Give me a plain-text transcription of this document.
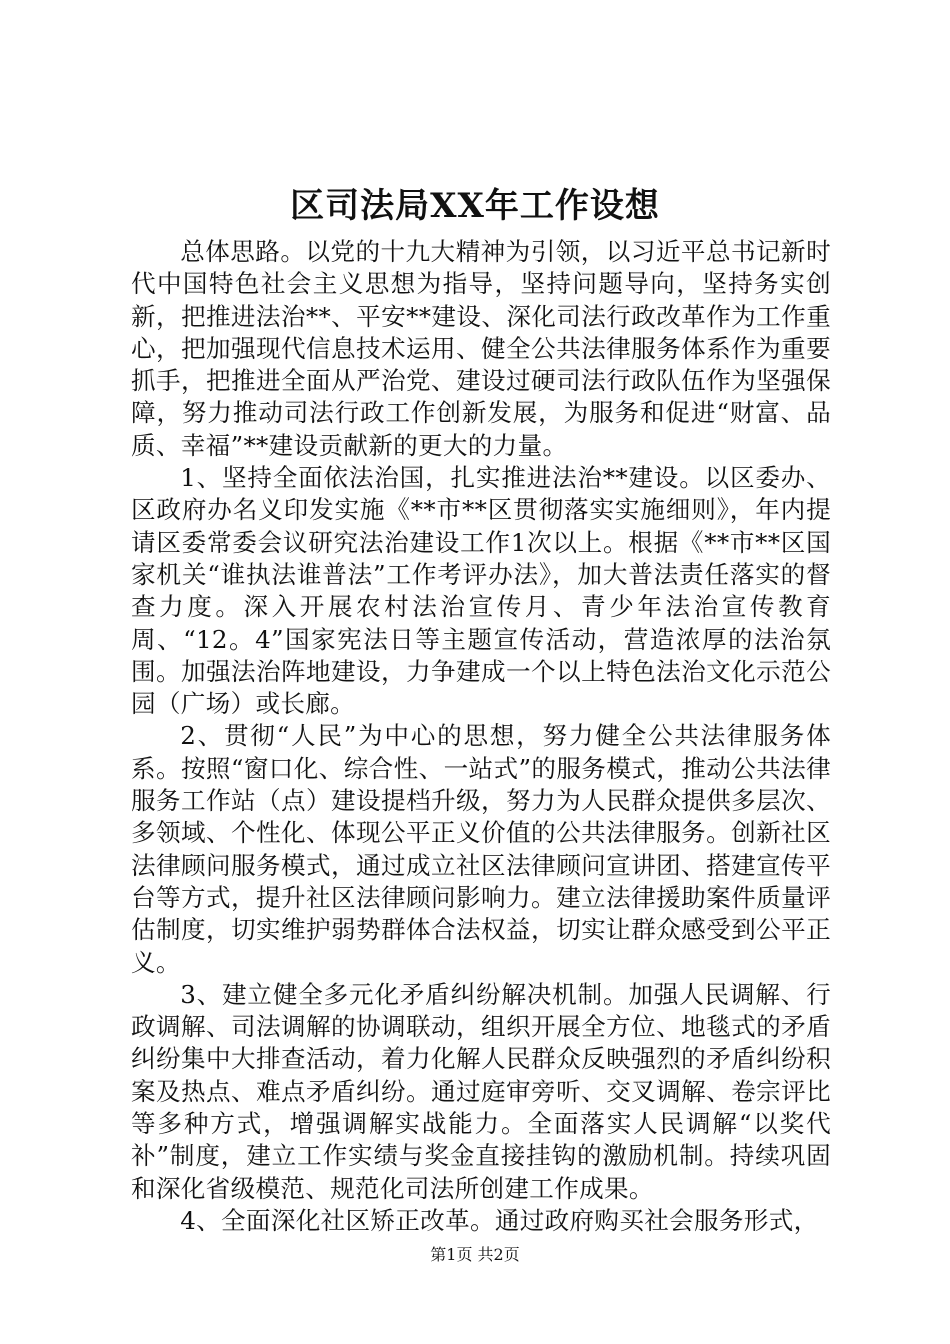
区司法局XX年工作设想

总体思路。以党的十九大精神为引领，以习近平总书记新时代中国特色社会主义思想为指导，坚持问题导向，坚持务实创新，把推进法治**、平安**建设、深化司法行政改革作为工作重心，把加强现代信息技术运用、健全公共法律服务体系作为重要抓手，把推进全面从严治党、建设过硬司法行政队伍作为坚强保障，努力推动司法行政工作创新发展，为服务和促进“财富、品质、幸福”**建设贡献新的更大的力量。

1、坚持全面依法治国，扎实推进法治**建设。以区委办、区政府办名义印发实施《**市**区贯彻落实实施细则》，年内提请区委常委会议研究法治建设工作1次以上。根据《**市**区国家机关“谁执法谁普法”工作考评办法》，加大普法责任落实的督查力度。深入开展农村法治宣传月、青少年法治宣传教育周、“12。4”国家宪法日等主题宣传活动，营造浓厚的法治氛围。加强法治阵地建设，力争建成一个以上特色法治文化示范公园（广场）或长廊。

2、贯彻“人民”为中心的思想，努力健全公共法律服务体系。按照“窗口化、综合性、一站式”的服务模式，推动公共法律服务工作站（点）建设提档升级，努力为人民群众提供多层次、多领域、个性化、体现公平正义价值的公共法律服务。创新社区法律顾问服务模式，通过成立社区法律顾问宣讲团、搭建宣传平台等方式，提升社区法律顾问影响力。建立法律援助案件质量评估制度，切实维护弱势群体合法权益，切实让群众感受到公平正义。

3、建立健全多元化矛盾纠纷解决机制。加强人民调解、行政调解、司法调解的协调联动，组织开展全方位、地毯式的矛盾纠纷集中大排查活动，着力化解人民群众反映强烈的矛盾纠纷积案及热点、难点矛盾纠纷。通过庭审旁听、交叉调解、卷宗评比等多种方式，增强调解实战能力。全面落实人民调解“以奖代补”制度，建立工作实绩与奖金直接挂钩的激励机制。持续巩固和深化省级模范、规范化司法所创建工作成果。

4、全面深化社区矫正改革。通过政府购买社会服务形式，

第1页 共2页
